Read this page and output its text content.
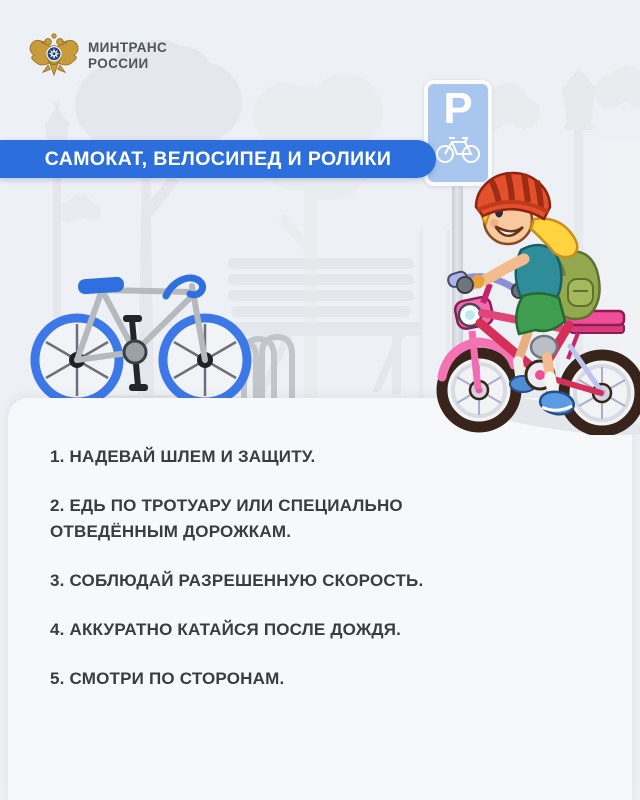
МИНТРАНС
РОССИИ
Р
САМОКАТ, ВЕЛОСИПЕД И РОЛИКИ
1. НАДЕВАЙ ШЛЕМ И ЗАЩИТУ.
2. ЕДЬ ПО ТРОТУАРУ ИЛИ СПЕЦИАЛЬНО ОТВЕДЁННЫМ ДОРОЖКАМ.
3. СОБЛЮДАЙ РАЗРЕШЕННУЮ СКОРОСТЬ.
4. АККУРАТНО КАТАЙСЯ ПОСЛЕ ДОЖДЯ.
5. СМОТРИ ПО СТОРОНАМ.
